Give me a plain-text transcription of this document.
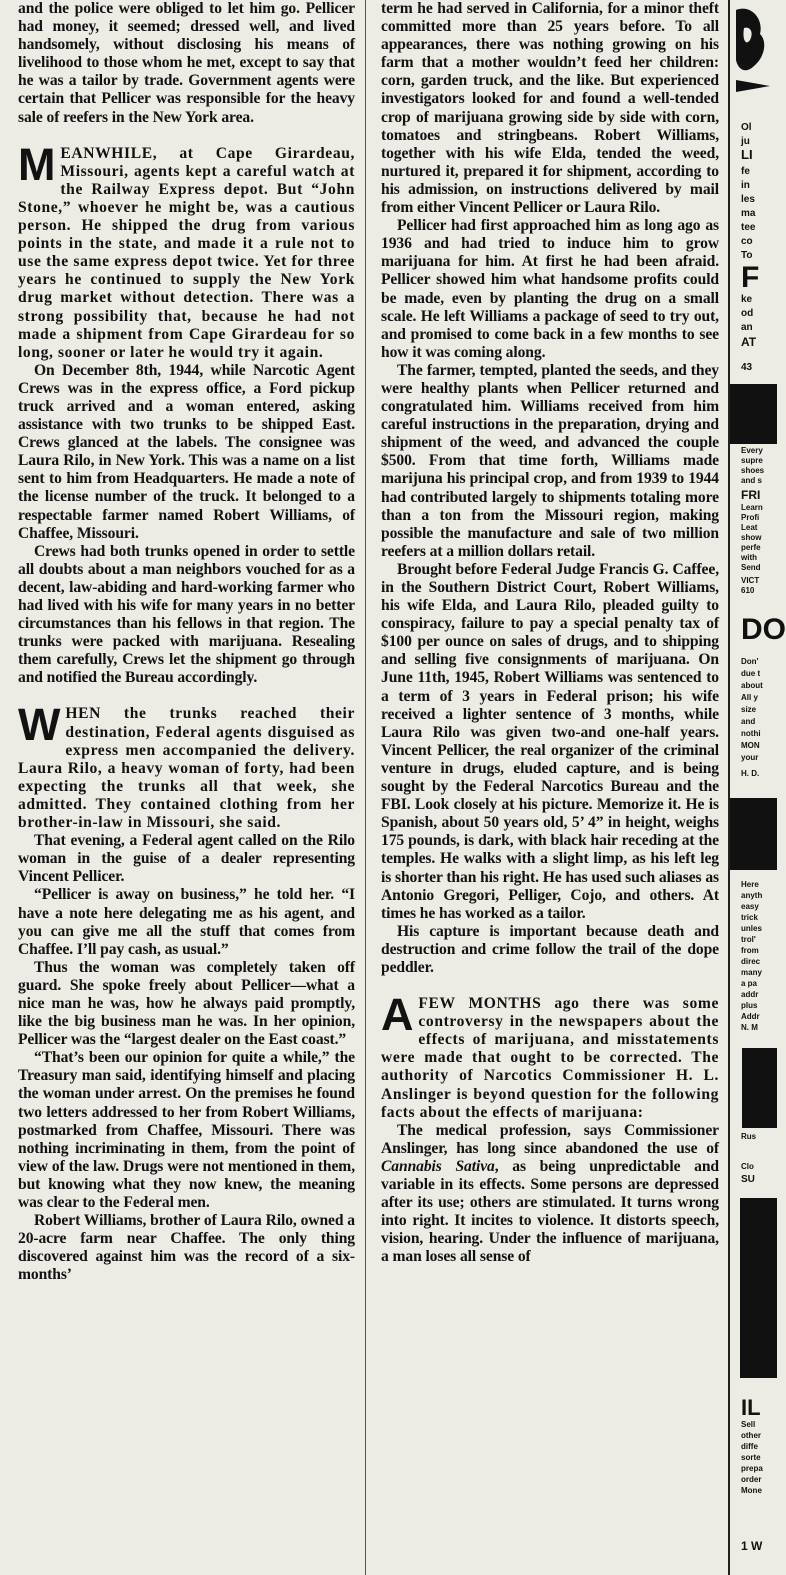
and the police were obliged to let him go. Pellicer had money, it seemed; dressed well, and lived handsomely, without disclosing his means of livelihood to those whom he met, except to say that he was a tailor by trade. Government agents were certain that Pellicer was responsible for the heavy sale of reefers in the New York area.

MEANWHILE, at Cape Girardeau, Missouri, agents kept a careful watch at the Railway Express depot. But “John Stone,” whoever he might be, was a cautious person. He shipped the drug from various points in the state, and made it a rule not to use the same express depot twice. Yet for three years he continued to supply the New York drug market without detection. There was a strong possibility that, because he had not made a shipment from Cape Girardeau for so long, sooner or later he would try it again.

On December 8th, 1944, while Narcotic Agent Crews was in the express office, a Ford pickup truck arrived and a woman entered, asking assistance with two trunks to be shipped East. Crews glanced at the labels. The consignee was Laura Rilo, in New York. This was a name on a list sent to him from Headquarters. He made a note of the license number of the truck. It belonged to a respectable farmer named Robert Williams, of Chaffee, Missouri.

Crews had both trunks opened in order to settle all doubts about a man neighbors vouched for as a decent, law-abiding and hard-working farmer who had lived with his wife for many years in no better circumstances than his fellows in that region. The trunks were packed with marijuana. Resealing them carefully, Crews let the shipment go through and notified the Bureau accordingly.

WHEN the trunks reached their destination, Federal agents disguised as express men accompanied the delivery. Laura Rilo, a heavy woman of forty, had been expecting the trunks all that week, she admitted. They contained clothing from her brother-in-law in Missouri, she said.

That evening, a Federal agent called on the Rilo woman in the guise of a dealer representing Vincent Pellicer.

“Pellicer is away on business,” he told her. “I have a note here delegating me as his agent, and you can give me all the stuff that comes from Chaffee. I’ll pay cash, as usual.”

Thus the woman was completely taken off guard. She spoke freely about Pellicer—what a nice man he was, how he always paid promptly, like the big business man he was. In her opinion, Pellicer was the “largest dealer on the East coast.”

“That’s been our opinion for quite a while,” the Treasury man said, identifying himself and placing the woman under arrest. On the premises he found two letters addressed to her from Robert Williams, postmarked from Chaffee, Missouri. There was nothing incriminating in them, from the point of view of the law. Drugs were not mentioned in them, but knowing what they now knew, the meaning was clear to the Federal men.

Robert Williams, brother of Laura Rilo, owned a 20-acre farm near Chaffee. The only thing discovered against him was the record of a six-months’

term he had served in California, for a minor theft committed more than 25 years before. To all appearances, there was nothing growing on his farm that a mother wouldn’t feed her children: corn, garden truck, and the like. But experienced investigators looked for and found a well-tended crop of marijuana growing side by side with corn, tomatoes and stringbeans. Robert Williams, together with his wife Elda, tended the weed, nurtured it, prepared it for shipment, according to his admission, on instructions delivered by mail from either Vincent Pellicer or Laura Rilo.

Pellicer had first approached him as long ago as 1936 and had tried to induce him to grow marijuana for him. At first he had been afraid. Pellicer showed him what handsome profits could be made, even by planting the drug on a small scale. He left Williams a package of seed to try out, and promised to come back in a few months to see how it was coming along.

The farmer, tempted, planted the seeds, and they were healthy plants when Pellicer returned and congratulated him. Williams received from him careful instructions in the preparation, drying and shipment of the weed, and advanced the couple $500. From that time forth, Williams made marijuna his principal crop, and from 1939 to 1944 had contributed largely to shipments totaling more than a ton from the Missouri region, making possible the manufacture and sale of two million reefers at a million dollars retail.

Brought before Federal Judge Francis G. Caffee, in the Southern District Court, Robert Williams, his wife Elda, and Laura Rilo, pleaded guilty to conspiracy, failure to pay a special penalty tax of $100 per ounce on sales of drugs, and to shipping and selling five consignments of marijuana. On June 11th, 1945, Robert Williams was sentenced to a term of 3 years in Federal prison; his wife received a lighter sentence of 3 months, while Laura Rilo was given two-and one-half years. Vincent Pellicer, the real organizer of the criminal venture in drugs, eluded capture, and is being sought by the Federal Narcotics Bureau and the FBI. Look closely at his picture. Memorize it. He is Spanish, about 50 years old, 5’ 4” in height, weighs 175 pounds, is dark, with black hair receding at the temples. He walks with a slight limp, as his left leg is shorter than his right. He has used such aliases as Antonio Gregori, Pelliger, Cojo, and others. At times he has worked as a tailor.

His capture is important because death and destruction and crime follow the trail of the dope peddler.

AFEW MONTHS ago there was some controversy in the newspapers about the effects of marijuana, and misstatements were made that ought to be corrected. The authority of Narcotics Commissioner H. L. Anslinger is beyond question for the following facts about the effects of marijuana:

The medical profession, says Commissioner Anslinger, has long since abandoned the use of Cannabis Sativa, as being unpredictable and variable in its effects. Some persons are depressed after its use; others are stimulated. It turns wrong into right. It incites to violence. It distorts speech, vision, hearing. Under the influence of marijuana, a man loses all sense of

Ol
ju
LI
fe
in
les
ma
tee
co
To
F
ke
od
an
AT
43
Every
supre
shoes
and s
FRI
Learn
Profi
Leat
show
perfe
with
Send
VICT
610
DO
Don'
due t
about
All y
size
and
nothi
MON
your
H. D.
Here
anyth
easy
trick
unles
trol'
from
direc
many
a pa
addr
plus
Addr
N. M
Rus
Clo
SU
IL
Sell
other
diffe
sorte
prepa
order
Mone
1 W
